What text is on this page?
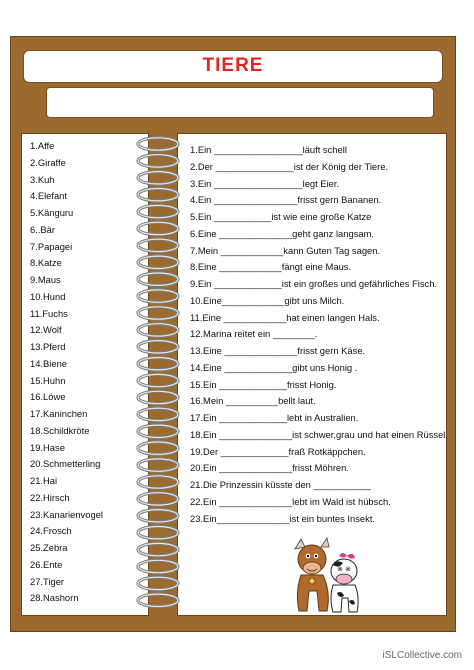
TIERE
1.Affe
2.Giraffe
3.Kuh
4.Elefant
5.Känguru
6..Bär
7.Papagei
8.Katze
9.Maus
10.Hund
11.Fuchs
12.Wolf
13.Pferd
14.Biene
15.Huhn
16.Löwe
17.Kaninchen
18.Schildkröte
19.Hase
20.Schmetterling
21.Hai
22.Hirsch
23.Kanarienvogel
24.Frosch
25.Zebra
26.Ente
27.Tiger
28.Nashorn
1.Ein _________________läuft schell
2.Der _______________ist der König der Tiere.
3.Ein _________________legt Eier.
4.Ein ________________frisst gern Bananen.
5.Ein ___________ist wie eine große Katze
6.Eine ______________geht ganz langsam.
7.Mein ____________kann Guten Tag sagen.
8.Eine ____________fängt eine Maus.
9.Ein _____________ist ein großes und gefährliches Fisch.
10.Eine____________gibt uns Milch.
11.Eine ____________hat einen langen Hals.
12.Marina reitet ein ________.
13.Eine ______________frisst gern Käse.
14.Eine _____________gibt uns Honig .
15.Ein _____________frisst Honig.
16.Mein __________bellt laut.
17.Ein _____________lebt in Australien.
18.Ein ______________ist schwer,grau und hat einen Rüssel.
19.Der _____________fraß Rotkäppchen.
20.Ein ______________frisst Möhren.
21.Die Prinzessin küsste den ___________
22.Ein ______________lebt im Wald ist hübsch.
23.Ein______________ist ein buntes Insekt.
iSLCollective.com
